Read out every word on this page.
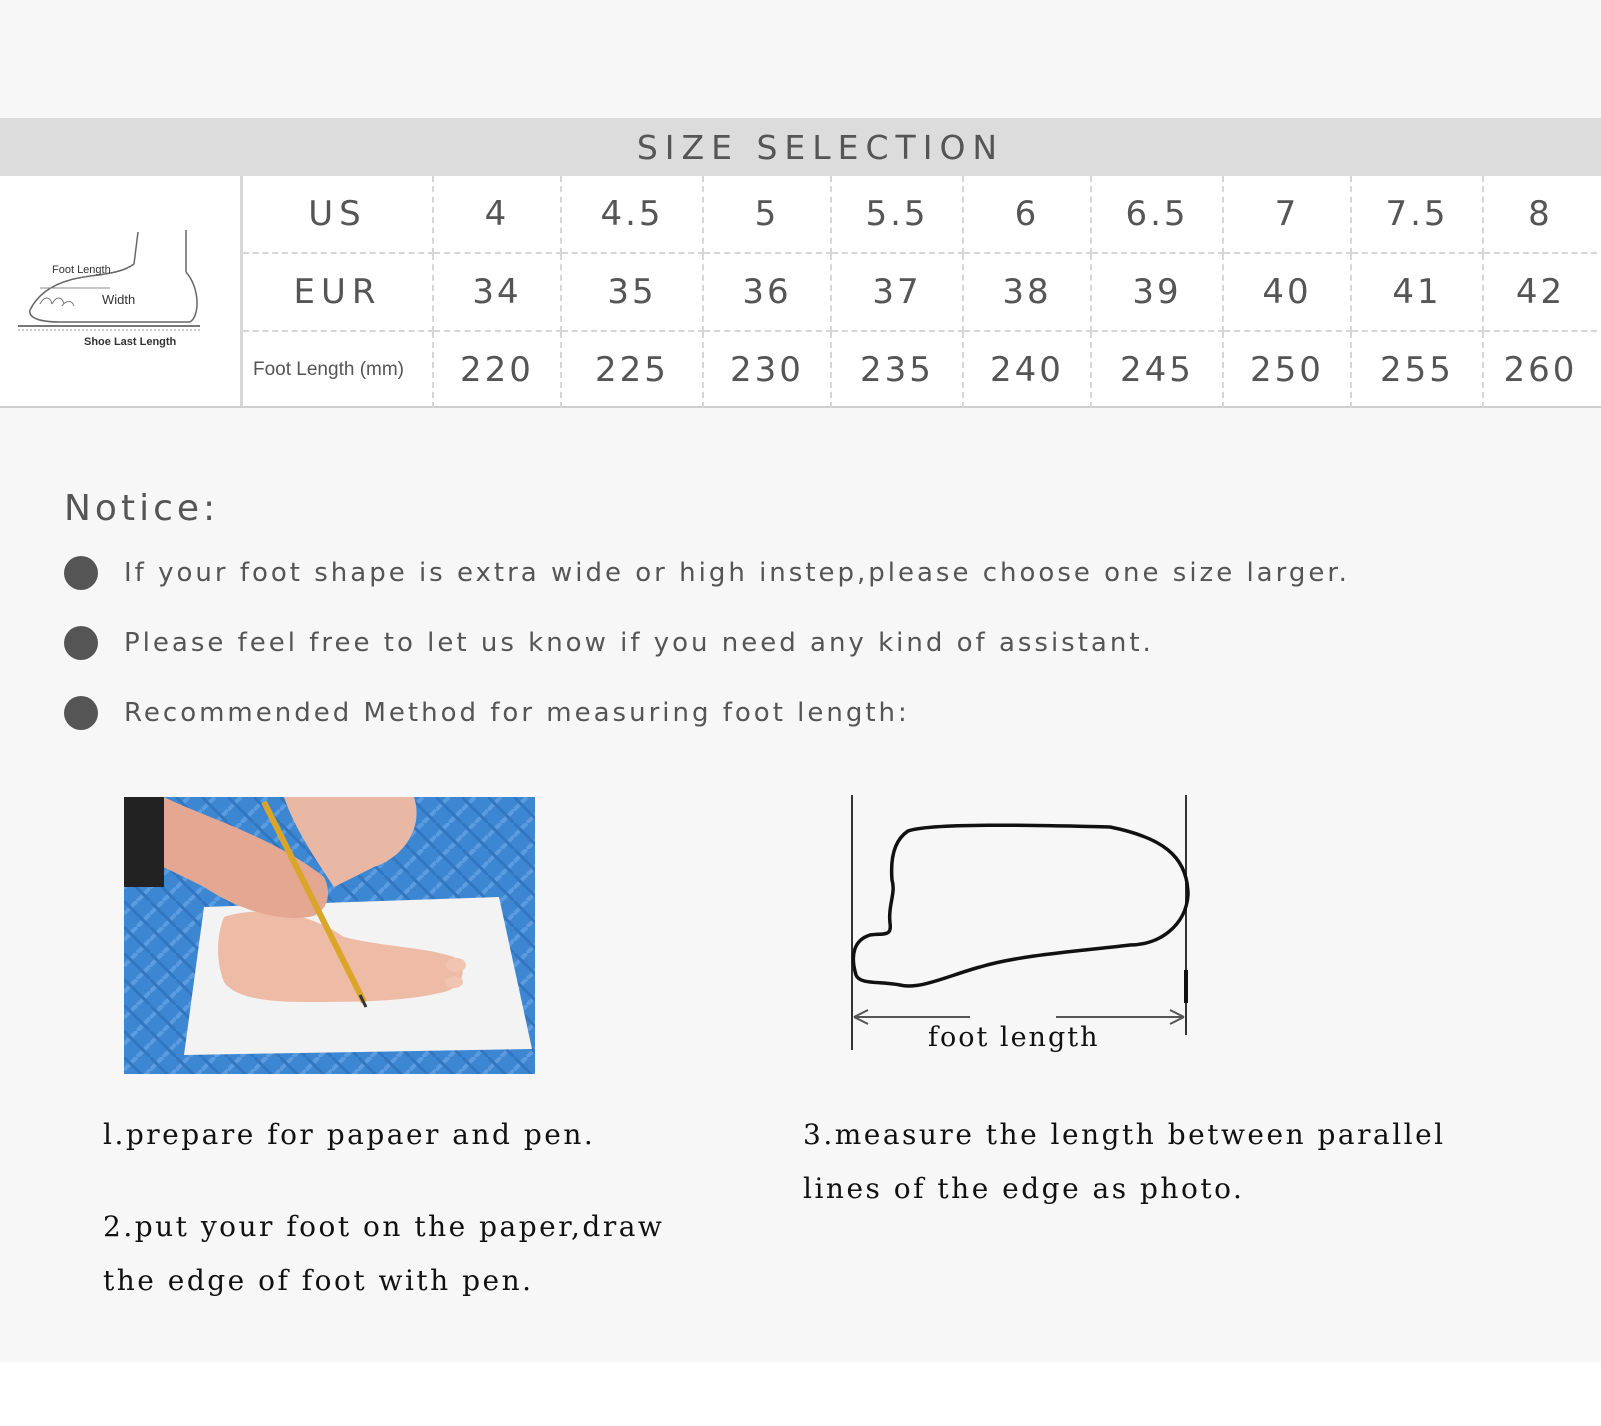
SIZE SELECTION
Foot Length
Width
Shoe Last Length
US	4	4.5	5	5.5	6	6.5	7	7.5	8
EUR	34	35	36	37	38	39	40	41	42
Foot Length (mm)	220	225	230	235	240	245	250	255	260
Notice:
If your foot shape is extra wide or high instep,please choose one size larger.
Please feel free to let us know if you need any kind of assistant.
Recommended Method for measuring foot length:
foot length
l.prepare for papaer and pen.
2.put your foot on the paper,draw
the edge of foot with pen.
3.measure the length between parallel
lines of the edge as photo.
